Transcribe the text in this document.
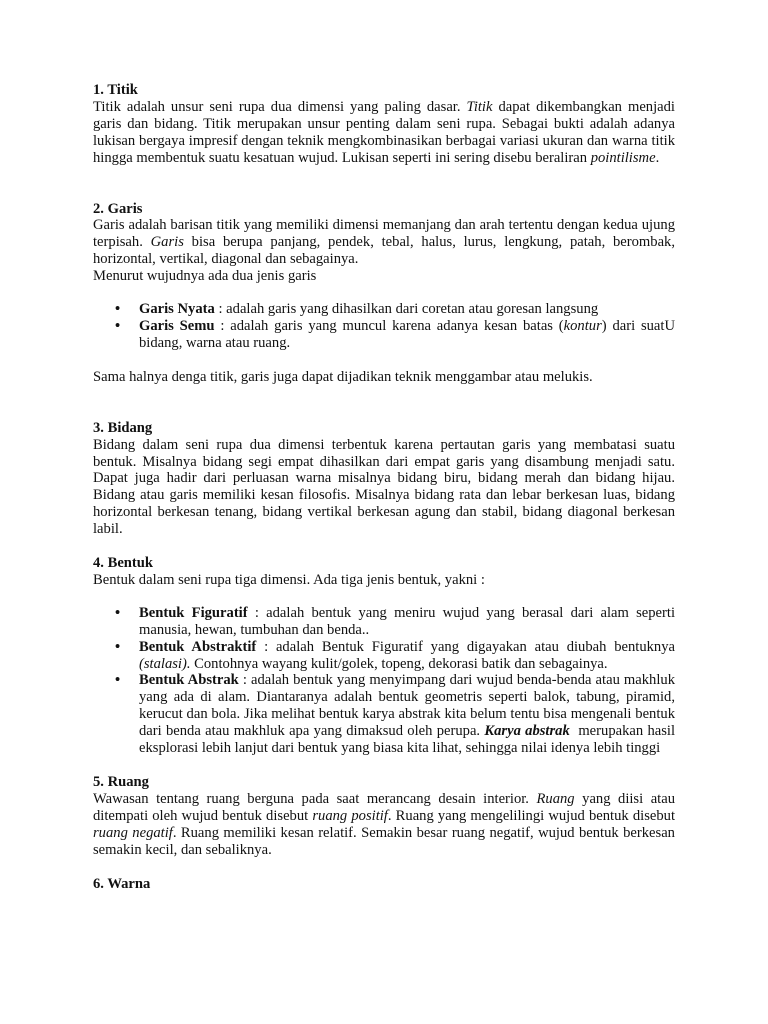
1. Titik

Titik adalah unsur seni rupa dua dimensi yang paling dasar. Titik dapat dikembangkan menjadi garis dan bidang. Titik merupakan unsur penting dalam seni rupa. Sebagai bukti adalah adanya lukisan bergaya impresif dengan teknik mengkombinasikan berbagai variasi ukuran dan warna titik hingga membentuk suatu kesatuan wujud. Lukisan seperti ini sering disebu beraliran pointilisme.

2. Garis

Garis adalah barisan titik yang memiliki dimensi memanjang dan arah tertentu dengan kedua ujung terpisah. Garis bisa berupa panjang, pendek, tebal, halus, lurus, lengkung, patah, berombak, horizontal, vertikal, diagonal dan sebagainya.

Menurut wujudnya ada dua jenis garis

•	Garis Nyata : adalah garis yang dihasilkan dari coretan atau goresan langsung
•	Garis Semu : adalah garis yang muncul karena adanya kesan batas (kontur) dari suatU bidang, warna atau ruang.

Sama halnya denga titik, garis juga dapat dijadikan teknik menggambar atau melukis.

3. Bidang

Bidang dalam seni rupa dua dimensi terbentuk karena pertautan garis yang membatasi suatu bentuk. Misalnya bidang segi empat dihasilkan dari empat garis yang disambung menjadi satu. Dapat juga hadir dari perluasan warna misalnya bidang biru, bidang merah dan bidang hijau. Bidang atau garis memiliki kesan filosofis. Misalnya bidang rata dan lebar berkesan luas, bidang horizontal berkesan tenang, bidang vertikal berkesan agung dan stabil, bidang diagonal berkesan labil.

4. Bentuk

Bentuk dalam seni rupa tiga dimensi. Ada tiga jenis bentuk, yakni :

•	Bentuk Figuratif : adalah bentuk yang meniru wujud yang berasal dari alam seperti manusia, hewan, tumbuhan dan benda..
•	Bentuk Abstraktif : adalah Bentuk Figuratif yang digayakan atau diubah bentuknya (stalasi). Contohnya wayang kulit/golek, topeng, dekorasi batik dan sebagainya.
•	Bentuk Abstrak : adalah bentuk yang menyimpang dari wujud benda-benda atau makhluk yang ada di alam. Diantaranya adalah bentuk geometris seperti balok, tabung, piramid, kerucut dan bola. Jika melihat bentuk karya abstrak kita belum tentu bisa mengenali bentuk dari benda atau makhluk apa yang dimaksud oleh perupa. Karya abstrak merupakan hasil eksplorasi lebih lanjut dari bentuk yang biasa kita lihat, sehingga nilai idenya lebih tinggi
5. Ruang

Wawasan tentang ruang berguna pada saat merancang desain interior. Ruang yang diisi atau ditempati oleh wujud bentuk disebut ruang positif. Ruang yang mengelilingi wujud bentuk disebut ruang negatif. Ruang memiliki kesan relatif. Semakin besar ruang negatif, wujud bentuk berkesan semakin kecil, dan sebaliknya.

6. Warna
